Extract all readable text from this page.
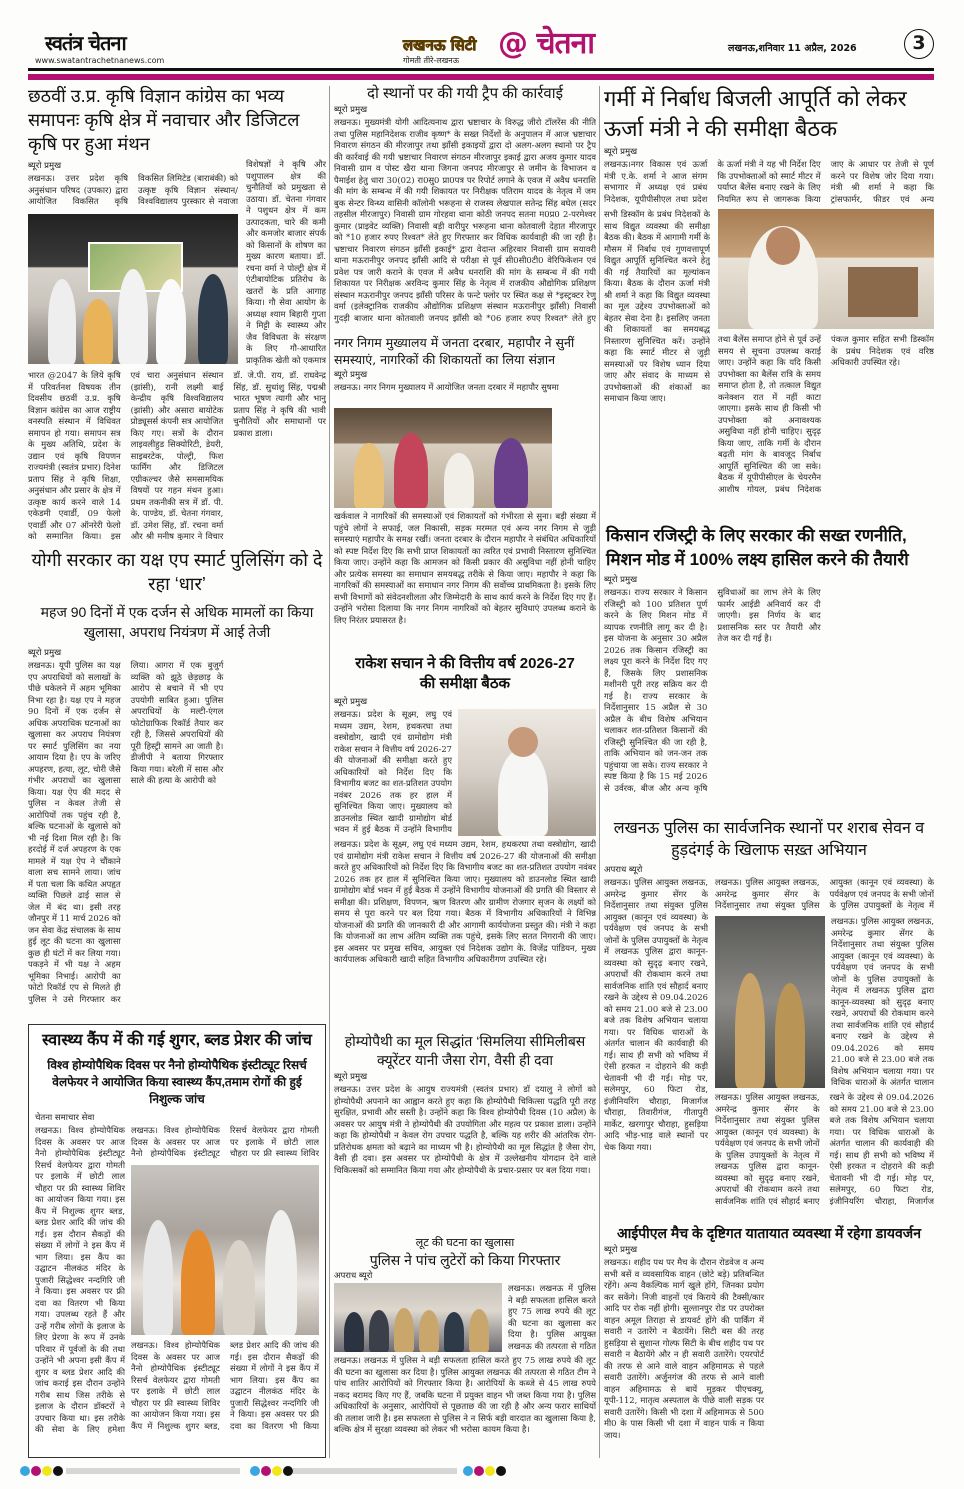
स्वतंत्र चेतना
www.swatantrachetnanews.com
लखनऊ सिटी
गोमती तीरे-लखनऊ @ चेतना	लखनऊ,शनिवार 11 अप्रैल, 2026	3
छठवीं उ.प्र. कृषि विज्ञान कांग्रेस का भव्य समापनः कृषि क्षेत्र में नवाचार और डिजिटल कृषि पर हुआ मंथन
ब्यूरो प्रमुख
लखनऊ। उत्तर प्रदेश कृषि अनुसंधान परिषद (उपकार) द्वारा आयोजित विकसित कृषि विकसित लिमिटेड (बाराबंकी) को उत्कृष्ट कृषि विज्ञान संस्थान/विश्वविद्यालय पुरस्कार से नवाजा
विशेषज्ञों ने कृषि और पशुपालन क्षेत्र की चुनौतियों को प्रमुखता से उठाया। डॉ. चेतना गंगवार ने पशुधन क्षेत्र में कम उत्पादकता, चारे की कमी और कमजोर बाजार संपर्क को किसानों के शोषण का मुख्य कारण बताया। डॉ. रचना वर्मा ने पोल्ट्री क्षेत्र में एंटीबायोटिक प्रतिरोध के खतरों के प्रति आगाह किया। गौ सेवा आयोग के अध्यक्ष श्याम बिहारी गुप्ता ने मिट्टी के स्वास्थ्य और जैव विविधता के संरक्षण के लिए गौ-आधारित प्राकृतिक खेती को एकमात्र
भारत @2047 के लिये कृषि में परिवर्तनश विषयक तीन दिवसीय छठवीं उ.प्र. कृषि विज्ञान कांग्रेस का आज राष्ट्रीय वनस्पति संस्थान में विधिवत समापन हो गया। समापन सत्र के मुख्य अतिथि, प्रदेश के उद्यान एवं कृषि विपणन राज्यमंत्री (स्वतंत्र प्रभार) दिनेश प्रताप सिंह ने कृषि शिक्षा, अनुसंधान और प्रसार के क्षेत्र में उत्कृष्ट कार्य करने वाले 14 एकेडमी एवार्डी, 09 फेलो एवार्डी और 07 ऑनरेरी फेलो को सम्मानित किया। इस एवं चारा अनुसंधान संस्थान (झांसी), रानी लक्ष्मी बाई केन्द्रीय कृषि विश्वविद्यालय (झांसी) और असारा बायोटेक प्रोड्यूसर्स कंपनी सत्र आयोजित किए गए। सत्रों के दौरान लाइवलीहुड सिक्योरिटी, डेयरी, साइबरटेक, पोल्ट्री, फिश फार्मिंग और डिजिटल एग्रीकल्चर जैसे समसामयिक विषयों पर गहन मंथन हुआ। प्रथम तकनीकी सत्र में डॉ. पी. के. पाण्डेय, डॉ. चेतना गंगवार, डॉ. उमेश सिंह, डॉ. रचना वर्मा और श्री मनीष कुमार ने विचार डॉ. जे.पी. राय, डॉ. राघवेन्द्र सिंह, डॉ. सुधांशु सिंह, पद्मश्री भारत भूषण त्यागी और भानु प्रताप सिंह ने कृषि की भावी चुनौतियों और समाधानों पर प्रकाश डाला।
योगी सरकार का यक्ष एप स्मार्ट पुलिसिंग को दे रहा ‘धार’
महज 90 दिनों में एक दर्जन से अधिक मामलों का किया खुलासा, अपराध नियंत्रण में आई तेजी
ब्यूरो प्रमुख
लखनऊ। यूपी पुलिस का यक्ष एप अपराधियों को सलाखों के पीछे धकेलने में अहम भूमिका निभा रहा है। यक्ष एप ने महज 90 दिनों में एक दर्जन से अधिक अपराधिक घटनाओं का खुलासा कर अपराध नियंत्रण पर स्मार्ट पुलिसिंग का नया आयाम दिया है। एप के जरिए अपहरण, हत्या, लूट, चोरी जैसे गंभीर अपराधों का खुलासा किया। यक्ष ऐप की मदद से पुलिस न केवल तेजी से आरोपियों तक पहुंच रही है, बल्कि घटनाओं के खुलासे को भी नई दिशा मिल रही है। कि हरदोई में दर्ज अपहरण के एक मामले में यक्ष ऐप ने चौंकाने वाला सच सामने लाया। जांच में पता चला कि कथित अपहृत व्यक्ति पिछले ढाई साल से जेल में बंद था। इसी तरह जौनपुर में 11 मार्च 2026 को जन सेवा केंद्र संचालक के साथ हुई लूट की घटना का खुलासा कुछ ही घंटों में कर लिया गया। पकड़ने में भी यक्ष ने अहम भूमिका निभाई। आरोपी का फोटो रिकॉर्ड एप से मिलते ही पुलिस ने उसे गिरफ्तार कर लिया। आगरा में एक बुजुर्ग व्यक्ति को झूठे छेड़छाड़ के आरोप से बचाने में भी एप उपयोगी साबित हुआ। पुलिस अपराधियों के मल्टी-एंगल फोटोग्राफिक रिकॉर्ड तैयार कर रही है, जिससे अपराधियों की पूरी हिस्ट्री सामने आ जाती है। डीजीपी ने बताया गिरफ्तार किया गया। बरेली में सास और साले की हत्या के आरोपी को
स्वास्थ्य कैंप में की गई शुगर, ब्लड प्रेशर की जांच
विश्व होम्योपैथिक दिवस पर नैनो होम्योपैथिक इंस्टीट्यूट रिसर्च वेलफेयर ने आयोजित किया स्वास्थ्य कैंप,तमाम रोगों की हुई निशुल्क जांच
चेतना समाचार सेवा
लखनऊ। विश्व होम्योपैथिक दिवस के अवसर पर आज नैनो होम्योपैथिक इंस्टीट्यूट रिसर्च वेलफेयर द्वारा गोमती पर इलाके में छोटी लाल चौहरा पर फ्री स्वास्थ्य शिविर का आयोजन किया गया। इस कैंप में निशुल्क शुगर ब्लड, ब्लड प्रेशर आदि की जांच की गई। इस दौरान सैकड़ों की संख्या में लोगों ने इस कैंप में भाग लिया। इस कैंप का उद्घाटन नीलकंठ मंदिर के पुजारी सिद्धेश्वर नन्दगिरि जी ने किया। इस अवसर पर फ्री दवा का वितरण भी किया गया। उपलब्ध रहते हैं और उन्हें गरीब लोगों के इलाज के लिए प्रेरणा के रूप में उनके परिवार में पूर्वजों के की तथा उन्होंने भी अपना इसी कैंप में शुगर व ब्लड प्रेशर आदि की जांच कराई इस दौरान उन्होंने गरीब साथ जिस तरीके से इलाज के दौरान डॉक्टरों ने उपचार किया था। इस तरीके की सेवा के लिए हमेशा
लखनऊ। विश्व होम्योपैथिक दिवस के अवसर पर आज नैनो होम्योपैथिक इंस्टीट्यूट रिसर्च वेलफेयर द्वारा गोमती पर इलाके में छोटी लाल चौहरा पर फ्री स्वास्थ्य शिविर
लखनऊ। विश्व होम्योपैथिक दिवस के अवसर पर आज नैनो होम्योपैथिक इंस्टीट्यूट रिसर्च वेलफेयर द्वारा गोमती पर इलाके में छोटी लाल चौहरा पर फ्री स्वास्थ्य शिविर का आयोजन किया गया। इस कैंप में निशुल्क शुगर ब्लड, ब्लड प्रेशर आदि की जांच की गई। इस दौरान सैकड़ों की संख्या में लोगों ने इस कैंप में भाग लिया। इस कैंप का उद्घाटन नीलकंठ मंदिर के पुजारी सिद्धेश्वर नन्दगिरि जी ने किया। इस अवसर पर फ्री दवा का वितरण भी किया
दो स्थानों पर की गयी ट्रैप की कार्रवाई
ब्यूरो प्रमुख
लखनऊ। मुख्यमंत्री योगी आदित्यनाथ द्वारा भ्रष्टाचार के विरुद्ध जीरो टॉलरेंस की नीति तथा पुलिस महानिदेशक राजीव कृष्ण* के सख्त निर्देशों के अनुपालन में आज भ्रष्टाचार निवारण संगठन की मीरजापुर तथा झाँसी इकाइयों द्वारा दो अलग-अलग स्थानो पर ट्रैप की कार्रवाई की गयी भ्रष्टाचार निवारण संगठन मीरजापुर इकाई द्वारा अजय कुमार यादव निवासी ग्राम व पोस्ट खैरा थाना जिगना जनपद मीरजापुर से जमीन के विभाजन व पैमाईश हेतु धारा 30(02) रा0सु0 प्रा0पत्र पर रिपोर्ट लगाने के एवज में अवैध धनराशि की मांग के सम्बन्ध में की गयी शिकायत पर निरीक्षक पतिराम यादव के नेतृत्व में जम बुक सेन्टर विन्ध्य वासिनी कॉलोनी भरूहना से राजस्व लेखपाल सतेन्द्र सिंह बघेल (सदर तहसील मीरजापुर) निवासी ग्राम गोरहवा थाना कोठी जनपद सतना म0प्र0 2-परमेश्वर कुमार (प्राइवेट व्यक्ति) निवासी बड़ी वारीपुर भरूहना थाना कोतवाली देहात मीरजापुर को *10 हजार रुपए रिश्वत* लेते हुए गिरफ्तार कर विधिक कार्यवाही की जा रही है। भ्रष्टाचार निवारण संगठन झाँसी इकाई* द्वारा वेदान्त अहिरवार निवासी ग्राम सयावरी थाना मऊरानीपुर जनपद झाँसी आदि से परीक्षा से पूर्व सी0सी0टी0 वेरिफिकेशन एवं प्रवेश पत्र जारी कराने के एवज में अवैध धनराशि की मांग के सम्बन्ध में की गयी शिकायत पर निरीक्षक अरविन्द कुमार सिंह के नेतृत्व में राजकीय औद्योगिक प्रशिक्षण संस्थान मऊरानीपुर जनपद झाँसी परिसर के फन्टे फ्लोर पर स्थित कक्ष से *इस्ट्रक्टर रेणु वर्मा (इलेक्ट्रानिक राजकीय औद्योगिक प्रशिक्षण संस्थान मऊरानीपुर झाँसी) निवासी गुदड़ी बाजार थाना कोतवाली जनपद झाँसी को *06 हजार रुपए रिश्वत* लेते हुए
नगर निगम मुख्यालय में जनता दरबार, महापौर ने सुनीं समस्याएं, नागरिकों की शिकायतों का लिया संज्ञान
ब्यूरो प्रमुख
लखनऊ। नगर निगम मुख्यालय में आयोजित जनता दरबार में महापौर सुषमा
खर्कवाल ने नागरिकों की समस्याओं एवं शिकायतों को गंभीरता से सुना। बड़ी संख्या में पहुंचे लोगों ने सफाई, जल निकासी, सड़क मरम्मत एवं अन्य नगर निगम से जुड़ी समस्याएं महापौर के समक्ष रखीं। जनता दरबार के दौरान महापौर ने संबंधित अधिकारियों को स्पष्ट निर्देश दिए कि सभी प्राप्त शिकायतों का त्वरित एवं प्रभावी निस्तारण सुनिश्चित किया जाए। उन्होंने कहा कि आमजन को किसी प्रकार की असुविधा नहीं होनी चाहिए और प्रत्येक समस्या का समाधान समयबद्ध तरीके से किया जाए। महापौर ने कहा कि नागरिकों की समस्याओं का समाधान नगर निगम की सर्वोच्च प्राथमिकता है। इसके लिए सभी विभागों को संवेदनशीलता और जिम्मेदारी के साथ कार्य करने के निर्देश दिए गए हैं। उन्होंने भरोसा दिलाया कि नगर निगम नागरिकों को बेहतर सुविधाएं उपलब्ध कराने के लिए निरंतर प्रयासरत है।
राकेश सचान ने की वित्तीय वर्ष 2026-27 की समीक्षा बैठक
ब्यूरो प्रमुख
लखनऊ। प्रदेश के सूक्ष्म, लघु एवं मध्यम उद्यम, रेशम, हथकरघा तथा वस्त्रोद्योग, खादी एवं ग्रामोद्योग मंत्री राकेश सचान ने वित्तीय वर्ष 2026-27 की योजनाओं की समीक्षा करते हुए अधिकारियों को निर्देश दिए कि विभागीय बजट का शत-प्रतिशत उपयोग नवंबर 2026 तक हर हाल में सुनिश्चित किया जाए। मुख्यालय को डाउनलोड स्थित खादी ग्रामोद्योग बोर्ड भवन में हुई बैठक में उन्होंने विभागीय
लखनऊ। प्रदेश के सूक्ष्म, लघु एवं मध्यम उद्यम, रेशम, हथकरघा तथा वस्त्रोद्योग, खादी एवं ग्रामोद्योग मंत्री राकेश सचान ने वित्तीय वर्ष 2026-27 की योजनाओं की समीक्षा करते हुए अधिकारियों को निर्देश दिए कि विभागीय बजट का शत-प्रतिशत उपयोग नवंबर 2026 तक हर हाल में सुनिश्चित किया जाए। मुख्यालय को डाउनलोड स्थित खादी ग्रामोद्योग बोर्ड भवन में हुई बैठक में उन्होंने विभागीय योजनाओं की प्रगति की विस्तार से समीक्षा की। प्रशिक्षण, विपणन, ऋण वितरण और ग्रामीण रोजगार सृजन के लक्ष्यों को समय से पूरा करने पर बल दिया गया। बैठक में विभागीय अधिकारियों ने विभिन्न योजनाओं की प्रगति की जानकारी दी और आगामी कार्ययोजना प्रस्तुत की। मंत्री ने कहा कि योजनाओं का लाभ अंतिम व्यक्ति तक पहुंचे, इसके लिए सतत निगरानी की जाए। इस अवसर पर प्रमुख सचिव, आयुक्त एवं निदेशक उद्योग के. विजेंद्र पांडियन, मुख्य कार्यपालक अधिकारी खादी सहित विभागीय अधिकारीगण उपस्थित रहे।
होम्योपैथी का मूल सिद्धांत ‘सिमलिया सीमिलीबस क्यूरेंटर यानी जैसा रोग, वैसी ही दवा
ब्यूरो प्रमुख
लखनऊ। उत्तर प्रदेश के आयुष राज्यमंत्री (स्वतंत्र प्रभार) डॉ दयालु ने लोगों को होम्योपैथी अपनाने का आह्वान करते हुए कहा कि होम्योपैथी चिकित्सा पद्धति पूरी तरह सुरक्षित, प्रभावी और सस्ती है। उन्होंने कहा कि विश्व होम्योपैथी दिवस (10 अप्रैल) के अवसर पर आयुष मंत्री ने होम्योपैथी की उपयोगिता और महत्व पर प्रकाश डाला। उन्होंने कहा कि होम्योपैथी न केवल रोग उपचार पद्धति है, बल्कि यह शरीर की आंतरिक रोग-प्रतिरोधक क्षमता को बढ़ाने का माध्यम भी है। होम्योपैथी का मूल सिद्धांत है जैसा रोग, वैसी ही दवा। इस अवसर पर होम्योपैथी के क्षेत्र में उल्लेखनीय योगदान देने वाले चिकित्सकों को सम्मानित किया गया और होम्योपैथी के प्रचार-प्रसार पर बल दिया गया।
लूट की घटना का खुलासा
पुलिस ने पांच लुटेरों को किया गिरफ्तार
अपराध ब्यूरो
लखनऊ। लखनऊ में पुलिस ने बड़ी सफलता हासिल करते हुए 75 लाख रुपये की लूट की घटना का खुलासा कर दिया है। पुलिस आयुक्त लखनऊ की तत्परता से गठित
लखनऊ। लखनऊ में पुलिस ने बड़ी सफलता हासिल करते हुए 75 लाख रुपये की लूट की घटना का खुलासा कर दिया है। पुलिस आयुक्त लखनऊ की तत्परता से गठित टीम ने पांच शातिर आरोपियों को गिरफ्तार किया है। आरोपियों के कब्जे से 45 लाख रुपये नकद बरामद किए गए हैं, जबकि घटना में प्रयुक्त वाहन भी जब्त किया गया है। पुलिस अधिकारियों के अनुसार, आरोपियों से पूछताछ की जा रही है और अन्य फरार साथियों की तलाश जारी है। इस सफलता से पुलिस ने न सिर्फ बड़ी वारदात का खुलासा किया है, बल्कि क्षेत्र में सुरक्षा व्यवस्था को लेकर भी भरोसा कायम किया है।
गर्मी में निर्बाध बिजली आपूर्ति को लेकर ऊर्जा मंत्री ने की समीक्षा बैठक
ब्यूरो प्रमुख
लखनऊ।नगर विकास एवं ऊर्जा मंत्री ए.के. शर्मा ने आज संगम सभागार में अध्यक्ष एवं प्रबंध निदेशक, यूपीपीसीएल तथा प्रदेश के ऊर्जा मंत्री ने यह भी निर्देश दिए कि उपभोक्ताओं को स्मार्ट मीटर में पर्याप्त बैलेंस बनाए रखने के लिए नियमित रूप से जागरूक किया जाए के आधार पर तेजी से पूर्ण करने पर विशेष जोर दिया गया। मंत्री श्री शर्मा ने कहा कि ट्रांसफार्मर, फीडर एवं अन्य
सभी डिस्कॉम के प्रबंध निदेशकों के साथ विद्युत व्यवस्था की समीक्षा बैठक की। बैठक में आगामी गर्मी के मौसम में निर्बाध एवं गुणवत्तापूर्ण विद्युत आपूर्ति सुनिश्चित करने हेतु की गई तैयारियों का मूल्यांकन किया। बैठक के दौरान ऊर्जा मंत्री श्री शर्मा ने कहा कि विद्युत व्यवस्था का मूल उद्देश्य उपभोक्ताओं को बेहतर सेवा देना है। इसलिए जनता की शिकायतों का समयबद्ध निस्तारण सुनिश्चित करें। उन्होंने कहा कि स्मार्ट मीटर से जुड़ी समस्याओं पर विशेष ध्यान दिया जाए और संवाद के माध्यम से उपभोक्ताओं की शंकाओं का समाधान किया जाए।
तथा बैलेंस समाप्त होने से पूर्व उन्हें समय से सूचना उपलब्ध कराई जाए। उन्होंने कहा कि यदि किसी उपभोक्ता का बैलेंस रात्रि के समय समाप्त होता है, तो तत्काल विद्युत कनेक्शन रात में नहीं काटा जाएगा। इसके साथ ही किसी भी उपभोक्ता को अनावश्यक असुविधा नहीं होनी चाहिए। सुदृढ़ किया जाए, ताकि गर्मी के दौरान बढ़ती मांग के बावजूद निर्बाध आपूर्ति सुनिश्चित की जा सके। बैठक में यूपीपीसीएल के चेयरमैन आशीष गोयल, प्रबंध निदेशक पंकज कुमार सहित सभी डिस्कॉम के प्रबंध निदेशक एवं वरिष्ठ अधिकारी उपस्थित रहे।
किसान रजिस्ट्री के लिए सरकार की सख्त रणनीति, मिशन मोड में 100% लक्ष्य हासिल करने की तैयारी
ब्यूरो प्रमुख
लखनऊ। राज्य सरकार ने किसान रजिस्ट्री को 100 प्रतिशत पूर्ण करने के लिए मिशन मोड में व्यापक रणनीति लागू कर दी है। इस योजना के अनुसार 30 अप्रैल 2026 तक किसान रजिस्ट्री का लक्ष्य पूरा करने के निर्देश दिए गए हैं, जिसके लिए प्रशासनिक मशीनरी पूरी तरह सक्रिय कर दी गई है। राज्य सरकार के निर्देशानुसार 15 अप्रैल से 30 अप्रैल के बीच विशेष अभियान चलाकर शत-प्रतिशत किसानों की रजिस्ट्री सुनिश्चित की जा रही है, ताकि अभियान को जन-जन तक पहुंचाया जा सके। राज्य सरकार ने स्पष्ट किया है कि 15 मई 2026 से उर्वरक, बीज और अन्य कृषि सुविधाओं का लाभ लेने के लिए फार्मर आईडी अनिवार्य कर दी जाएगी। इस निर्णय के बाद प्रशासनिक स्तर पर तैयारी और तेज कर दी गई है।
लखनऊ पुलिस का सार्वजनिक स्थानों पर शराब सेवन व हुड़दंगई के खिलाफ सख़्त अभियान
अपराध ब्यूरो
लखनऊ। पुलिस आयुक्त लखनऊ, अमरेन्द्र कुमार सेंगर के निर्देशानुसार तथा संयुक्त पुलिस आयुक्त (कानून एवं व्यवस्था) के पर्यवेक्षण एवं जनपद के सभी जोनों के पुलिस उपायुक्तों के नेतृत्व में लखनऊ पुलिस द्वारा कानून-व्यवस्था को सुदृढ़ बनाए रखने, अपराधों की रोकथाम करने तथा सार्वजनिक शांति एवं सौहार्द बनाए रखने के उद्देश्य से 09.04.2026 को समय 21.00 बजे से 23.00 बजे तक विशेष अभियान चलाया गया। पर विधिक धाराओं के अंतर्गत चालान की कार्यवाही की गई। साथ ही सभी को भविष्य में ऐसी हरकत न दोहराने की कड़ी चेतावनी भी दी गई। मोड़ पर, सलेमपुर, 60 फिटा रोड, इंजीनियरिंग चौराहा, मिजार्गज चौराहा, तिवारीगंज, गीतापुरी मार्केट, खरगापुर चौराहा, हुसड़िया आदि भीड़-भाड़ वाले स्थानों पर चेक किया गया।
लखनऊ। पुलिस आयुक्त लखनऊ, अमरेन्द्र कुमार सेंगर के निर्देशानुसार तथा संयुक्त पुलिस आयुक्त (कानून एवं व्यवस्था) के पर्यवेक्षण एवं जनपद के सभी जोनों के पुलिस उपायुक्तों के नेतृत्व में
लखनऊ। पुलिस आयुक्त लखनऊ, अमरेन्द्र कुमार सेंगर के निर्देशानुसार तथा संयुक्त पुलिस आयुक्त (कानून एवं व्यवस्था) के पर्यवेक्षण एवं जनपद के सभी जोनों के पुलिस उपायुक्तों के नेतृत्व में लखनऊ पुलिस द्वारा कानून-व्यवस्था को सुदृढ़ बनाए रखने, अपराधों की रोकथाम करने तथा सार्वजनिक शांति एवं सौहार्द बनाए रखने के उद्देश्य से 09.04.2026 को समय 21.00 बजे से 23.00 बजे तक विशेष अभियान चलाया गया। पर विधिक धाराओं के अंतर्गत चालान
लखनऊ। पुलिस आयुक्त लखनऊ, अमरेन्द्र कुमार सेंगर के निर्देशानुसार तथा संयुक्त पुलिस आयुक्त (कानून एवं व्यवस्था) के पर्यवेक्षण एवं जनपद के सभी जोनों के पुलिस उपायुक्तों के नेतृत्व में लखनऊ पुलिस द्वारा कानून-व्यवस्था को सुदृढ़ बनाए रखने, अपराधों की रोकथाम करने तथा सार्वजनिक शांति एवं सौहार्द बनाए रखने के उद्देश्य से 09.04.2026 को समय 21.00 बजे से 23.00 बजे तक विशेष अभियान चलाया गया। पर विधिक धाराओं के अंतर्गत चालान की कार्यवाही की गई। साथ ही सभी को भविष्य में ऐसी हरकत न दोहराने की कड़ी चेतावनी भी दी गई। मोड़ पर, सलेमपुर, 60 फिटा रोड, इंजीनियरिंग चौराहा, मिजार्गज
आईपीएल मैच के दृष्टिगत यातायात व्यवस्था में रहेगा डायवर्जन
ब्यूरो प्रमुख
लखनऊ। शहीद पथ पर मैच के दौरान रोडवेज व अन्य सभी बसें व व्यवसायिक वाहन (छोटे बड़े) प्रतिबन्धित रहेंगे। अन्य वैकल्पिक मार्ग खुले होंगे, जिनका प्रयोग कर सकेंगे। निजी वाहनों एवं किराये की टैक्सी/कार आदि पर रोक नहीं होगी। सुल्तानपुर रोड पर उपरोक्त वाहन अमूल तिराहा से डायवर्ट होंगे की पार्किंग में सवारी न उतारेंगे न बैठायेंगे। सिटी बस की तरह हुसड़िया से सुशान्त गोल्फ सिटी के बीच शहीद पथ पर सवारी न बैठायेंगे और न ही सवारी उतारेंगे। एयरपोर्ट की तरफ से आने वाले वाहन अहिमामऊ से पहले सवारी उतारेंगे। अर्जुनगंज की तरफ से आने वाली वाहन अहिमामऊ से बायें मुड़कर पीएचक्यू, यूपी-112, मातृत्व अस्पताल के पीछे वाली सड़क पर सवारी उतारेंगे। किसी भी दशा में अहिमामऊ से 500 मी0 के पास किसी भी दशा में वाहन पार्क न किया जाय।
